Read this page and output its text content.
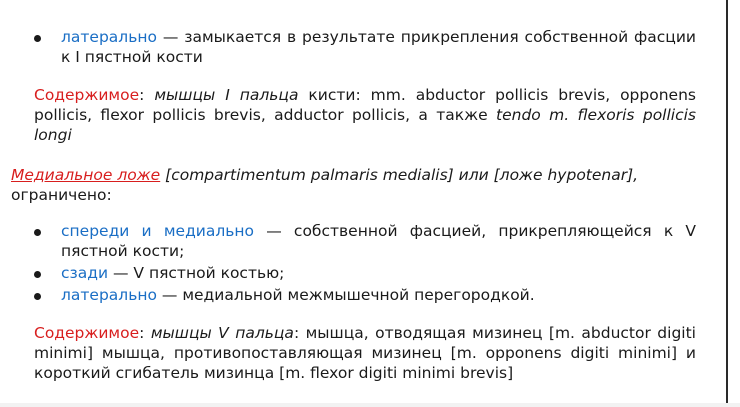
латерально — замыкается в результате прикрепления собственной фасции к I пястной кости
Содержимое: мышцы I пальца кисти: mm. abductor pollicis brevis, opponens pollicis, flexor pollicis brevis, adductor pollicis, а также tendo m. flexoris pollicis longi
Медиальное ложе [compartimentum palmaris medialis] или [ложе hypotenar],
ограничено:
спереди и медиально — собственной фасцией, прикрепляющейся к V пястной кости;
сзади — V пястной костью;
латерально — медиальной межмышечной перегородкой.
Содержимое: мышцы V пальца: мышца, отводящая мизинец [m. abductor digiti minimi] мышца, противопоставляющая мизинец [m. opponens digiti minimi] и короткий сгибатель мизинца [m. flexor digiti minimi brevis]
